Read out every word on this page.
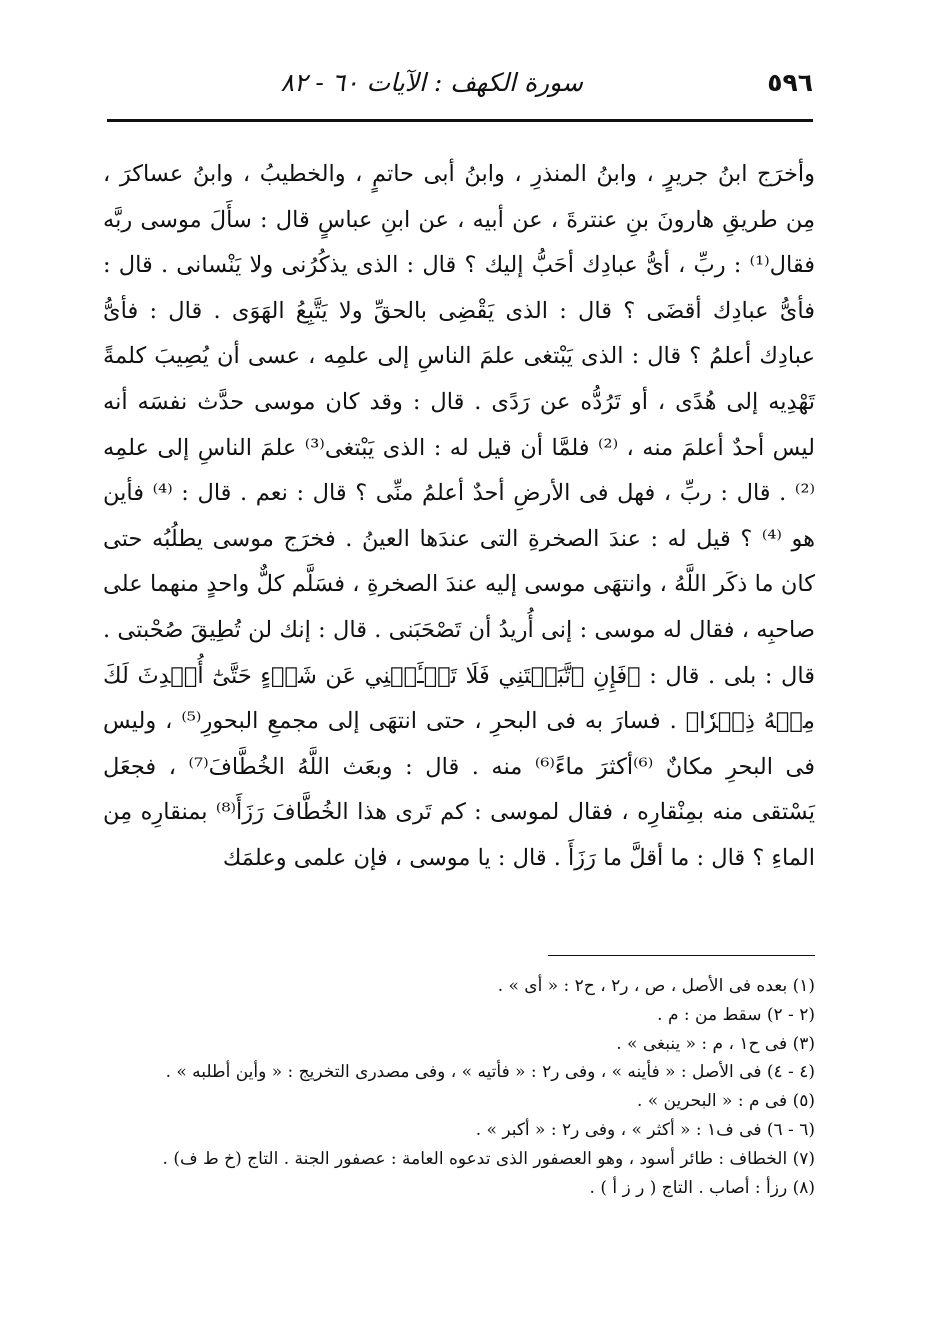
٥٩٦
سورة الكهف : الآيات ٦٠ - ٨٢

وأخرَج ابنُ جريرٍ ، وابنُ المنذرِ ، وابنُ أبى حاتمٍ ، والخطيبُ ، وابنُ عساكرَ ، مِن طريقِ هارونَ بنِ عنترةَ ، عن أبيه ، عن ابنِ عباسٍ قال : سأَلَ موسى ربَّه فقال⁽¹⁾ : ربِّ ، أىُّ عبادِك أحَبُّ إليك ؟ قال : الذى يذكُرُنى ولا يَنْسانى . قال : فأىُّ عبادِك أقضَى ؟ قال : الذى يَقْضِى بالحقِّ ولا يَتَّبِعُ الهَوَى . قال : فأىُّ عبادِك أعلمُ ؟ قال : الذى يَبْتغى علمَ الناسِ إلى علمِه ، عسى أن يُصِيبَ كلمةً تَهْدِيه إلى هُدًى ، أو تَرُدُّه عن رَدًى . قال : وقد كان موسى حدَّث نفسَه أنه ليس أحدٌ أعلمَ منه ، ⁽²⁾ فلمَّا أن قيل له : الذى يَبْتغى⁽³⁾ علمَ الناسِ إلى علمِه ⁽²⁾ . قال : ربِّ ، فهل فى الأرضِ أحدٌ أعلمُ منِّى ؟ قال : نعم . قال : ⁽⁴⁾ فأين هو ⁽⁴⁾ ؟ قيل له : عندَ الصخرةِ التى عندَها العينُ . فخرَج موسى يطلُبُه حتى كان ما ذكَر اللَّهُ ، وانتهَى موسى إليه عندَ الصخرةِ ، فسَلَّم كلٌّ واحدٍ منهما على صاحبِه ، فقال له موسى : إنى أُريدُ أن تَصْحَبَنى . قال : إنك لن تُطِيقَ صُحْبتى . قال : بلى . قال : ﴿فَإِنِ ٱتَّبَعۡتَنِي فَلَا تَسۡـَٔلۡنِي عَن شَيۡءٍ حَتَّىٰٓ أُحۡدِثَ لَكَ مِنۡهُ ذِكۡرٗا﴾ . فسارَ به فى البحرِ ، حتى انتهَى إلى مجمعِ البحورِ⁽⁵⁾ ، وليس فى البحرِ مكانٌ ⁽⁶⁾أكثرَ ماءً⁽⁶⁾ منه . قال : وبعَث اللَّهُ الخُطَّافَ⁽⁷⁾ ، فجعَل يَسْتقى منه بمِنْقارِه ، فقال لموسى : كم تَرى هذا الخُطَّافَ رَزَأَ⁽⁸⁾ بمنقارِه مِن الماءِ ؟ قال : ما أقلَّ ما رَزَأَ . قال : يا موسى ، فإن علمى وعلمَك

(١) بعده فى الأصل ، ص ، ر٢ ، ح٢ : « أى » .
(٢ - ٢) سقط من : م .
(٣) فى ح١ ، م : « ينبغى » .
(٤ - ٤) فى الأصل : « فأينه » ، وفى ر٢ : « فأتيه » ، وفى مصدرى التخريج : « وأين أطلبه » .
(٥) فى م : « البحرين » .
(٦ - ٦) فى ف١ : « أكثر » ، وفى ر٢ : « أكبر » .
(٧) الخطاف : طائر أسود ، وهو العصفور الذى تدعوه العامة : عصفور الجنة . التاج (خ ط ف) .
(٨) رزأ : أصاب . التاج ( ر ز أ ) .
